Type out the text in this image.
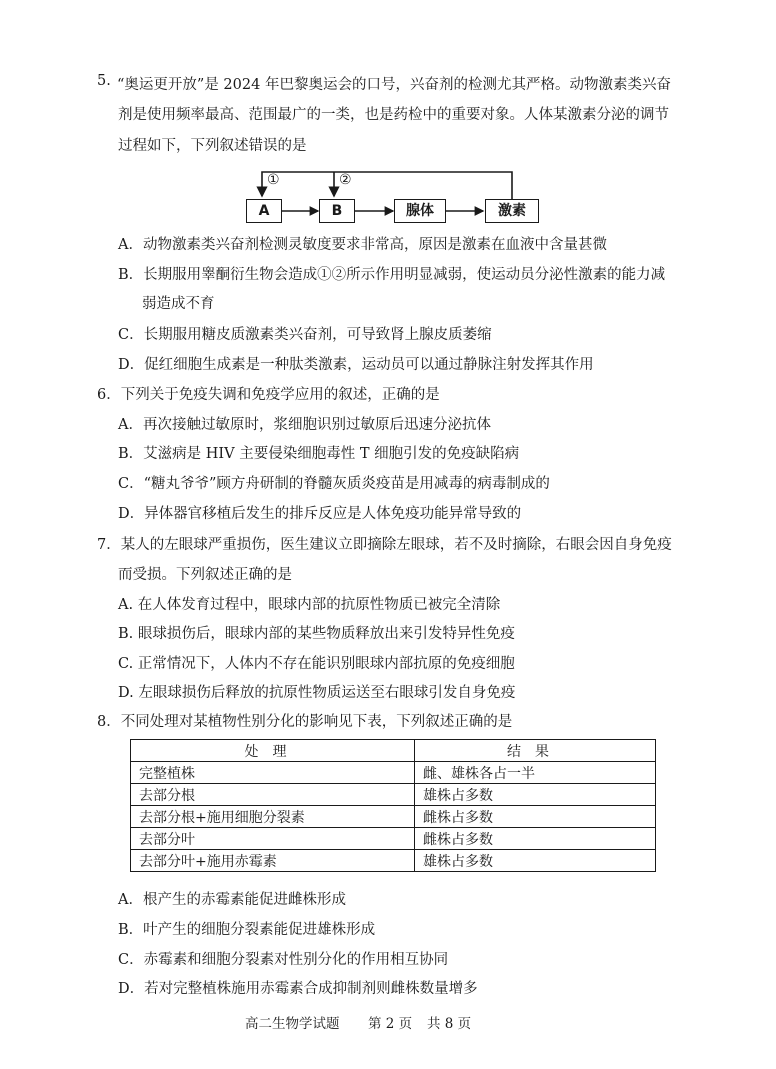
5. “奥运更开放”是 2024 年巴黎奥运会的口号，兴奋剂的检测尤其严格。动物激素类兴奋
剂是使用频率最高、范围最广的一类，也是药检中的重要对象。人体某激素分泌的调节
过程如下，下列叙述错误的是
A	B	腺体	激素
①	②
A．动物激素类兴奋剂检测灵敏度要求非常高，原因是激素在血液中含量甚微
B．长期服用睾酮衍生物会造成①②所示作用明显减弱，使运动员分泌性激素的能力减
弱造成不育
C．长期服用糖皮质激素类兴奋剂，可导致肾上腺皮质萎缩
D．促红细胞生成素是一种肽类激素，运动员可以通过静脉注射发挥其作用
6．下列关于免疫失调和免疫学应用的叙述，正确的是
A．再次接触过敏原时，浆细胞识别过敏原后迅速分泌抗体
B．艾滋病是 HIV 主要侵染细胞毒性 T 细胞引发的免疫缺陷病
C．“糖丸爷爷”顾方舟研制的脊髓灰质炎疫苗是用减毒的病毒制成的
D．异体器官移植后发生的排斥反应是人体免疫功能异常导致的
7．某人的左眼球严重损伤，医生建议立即摘除左眼球，若不及时摘除，右眼会因自身免疫
而受损。下列叙述正确的是
A. 在人体发育过程中，眼球内部的抗原性物质已被完全清除
B. 眼球损伤后，眼球内部的某些物质释放出来引发特异性免疫
C. 正常情况下，人体内不存在能识别眼球内部抗原的免疫细胞
D. 左眼球损伤后释放的抗原性物质运送至右眼球引发自身免疫
8．不同处理对某植物性别分化的影响见下表，下列叙述正确的是
处理	结果
完整植株	雌、雄株各占一半
去部分根	雄株占多数
去部分根+施用细胞分裂素	雌株占多数
去部分叶	雌株占多数
去部分叶+施用赤霉素	雄株占多数
A．根产生的赤霉素能促进雌株形成
B．叶产生的细胞分裂素能促进雄株形成
C．赤霉素和细胞分裂素对性别分化的作用相互协同
D．若对完整植株施用赤霉素合成抑制剂则雌株数量增多
高二生物学试题 第 2 页 共 8 页
